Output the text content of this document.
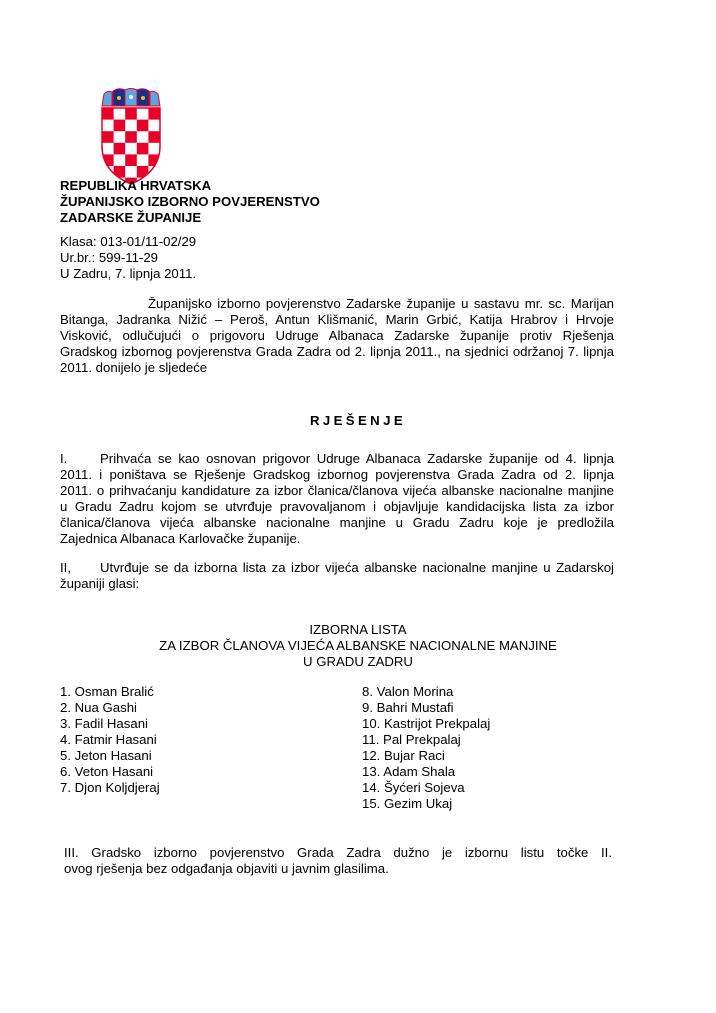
REPUBLIKA HRVATSKA
ŽUPANIJSKO IZBORNO POVJERENSTVO
ZADARSKE ŽUPANIJE
Klasa: 013-01/11-02/29
Ur.br.: 599-11-29
U Zadru, 7. lipnja 2011.
Županijsko izborno povjerenstvo Zadarske županije u sastavu mr. sc. Marijan
Bitanga, Jadranka Nižić – Peroš, Antun Klišmanić, Marin Grbić, Katija Hrabrov i Hrvoje
Visković, odlučujući o prigovoru Udruge Albanaca Zadarske županije protiv Rješenja
Gradskog izbornog povjerenstva Grada Zadra od 2. lipnja 2011., na sjednici održanoj 7. lipnja
2011. donijelo je sljedeće
RJEŠENJE
I. Prihvaća se kao osnovan prigovor Udruge Albanaca Zadarske županije od 4. lipnja
2011. i poništava se Rješenje Gradskog izbornog povjerenstva Grada Zadra od 2. lipnja
2011. o prihvaćanju kandidature za izbor članica/članova vijeća albanske nacionalne manjine
u Gradu Zadru kojom se utvrđuje pravovaljanom i objavljuje kandidacijska lista za izbor
članica/članova vijeća albanske nacionalne manjine u Gradu Zadru koje je predložila
Zajednica Albanaca Karlovačke županije.
II, Utvrđuje se da izborna lista za izbor vijeća albanske nacionalne manjine u Zadarskoj
županiji glasi:
IZBORNA LISTA
ZA IZBOR ČLANOVA VIJEĆA ALBANSKE NACIONALNE MANJINE
U GRADU ZADRU
1. Osman Bralić
2. Nua Gashi
3. Fadil Hasani
4. Fatmir Hasani
5. Jeton Hasani
6. Veton Hasani
7. Djon Koljdjeraj
8. Valon Morina
9. Bahri Mustafi
10. Kastrijot Prekpalaj
11. Pal Prekpalaj
12. Bujar Raci
13. Adam Shala
14. Šyćeri Sojeva
15. Gezim Ukaj
III. Gradsko izborno povjerenstvo Grada Zadra dužno je izbornu listu točke II.
ovog rješenja bez odgađanja objaviti u javnim glasilima.
